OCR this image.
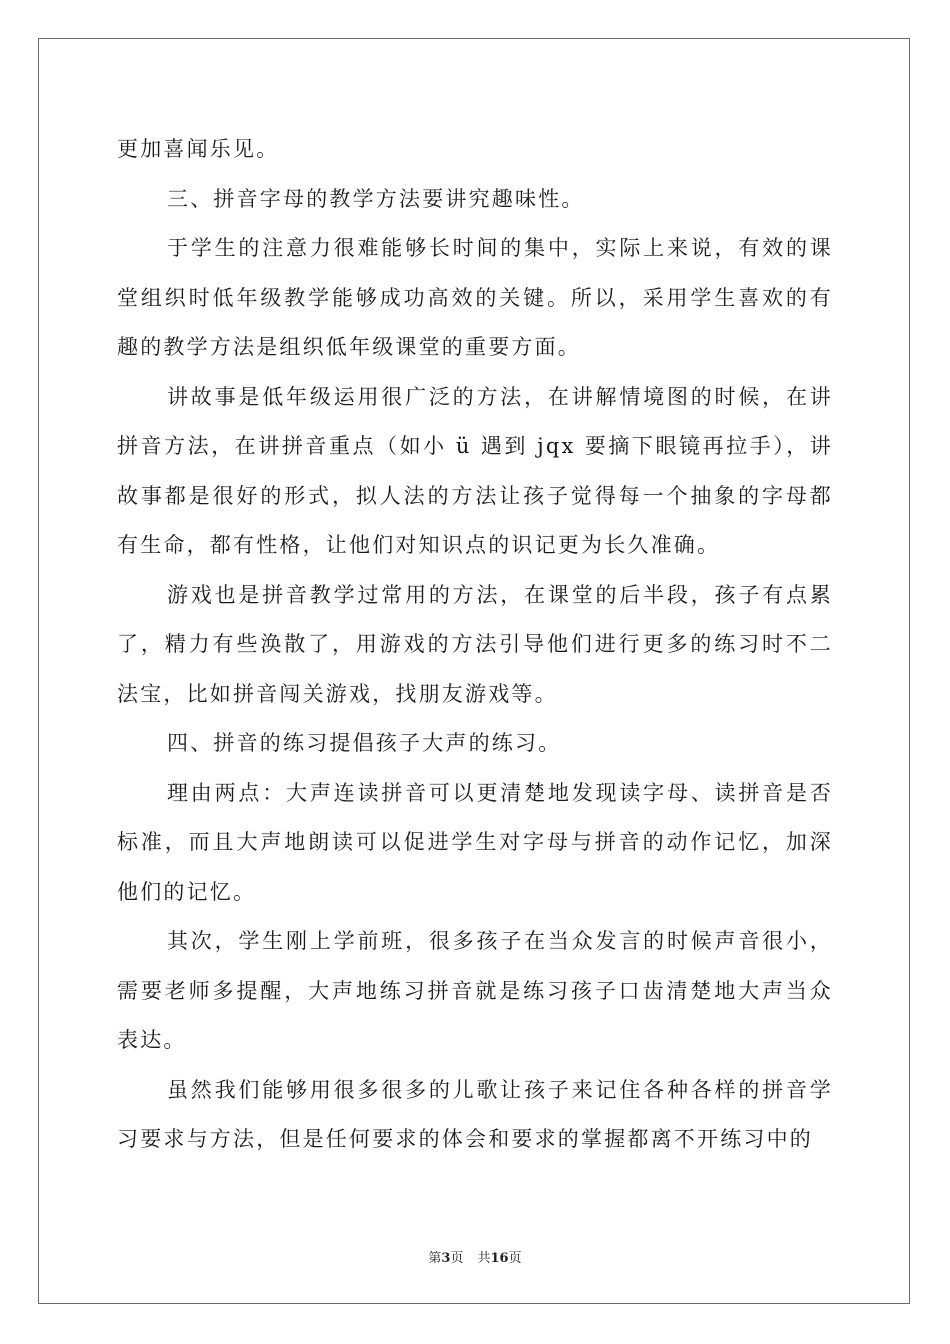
更加喜闻乐见。

三、拼音字母的教学方法要讲究趣味性。

于学生的注意力很难能够长时间的集中，实际上来说，有效的课堂组织时低年级教学能够成功高效的关键。所以，采用学生喜欢的有趣的教学方法是组织低年级课堂的重要方面。

讲故事是低年级运用很广泛的方法，在讲解情境图的时候，在讲拼音方法，在讲拼音重点（如小 ü 遇到 jqx 要摘下眼镜再拉手），讲故事都是很好的形式，拟人法的方法让孩子觉得每一个抽象的字母都有生命，都有性格，让他们对知识点的识记更为长久准确。

游戏也是拼音教学过常用的方法，在课堂的后半段，孩子有点累了，精力有些涣散了，用游戏的方法引导他们进行更多的练习时不二法宝，比如拼音闯关游戏，找朋友游戏等。

四、拼音的练习提倡孩子大声的练习。

理由两点：大声连读拼音可以更清楚地发现读字母、读拼音是否标准，而且大声地朗读可以促进学生对字母与拼音的动作记忆，加深他们的记忆。

其次，学生刚上学前班，很多孩子在当众发言的时候声音很小，需要老师多提醒，大声地练习拼音就是练习孩子口齿清楚地大声当众表达。

虽然我们能够用很多很多的儿歌让孩子来记住各种各样的拼音学习要求与方法，但是任何要求的体会和要求的掌握都离不开练习中的

第3页 共16页
